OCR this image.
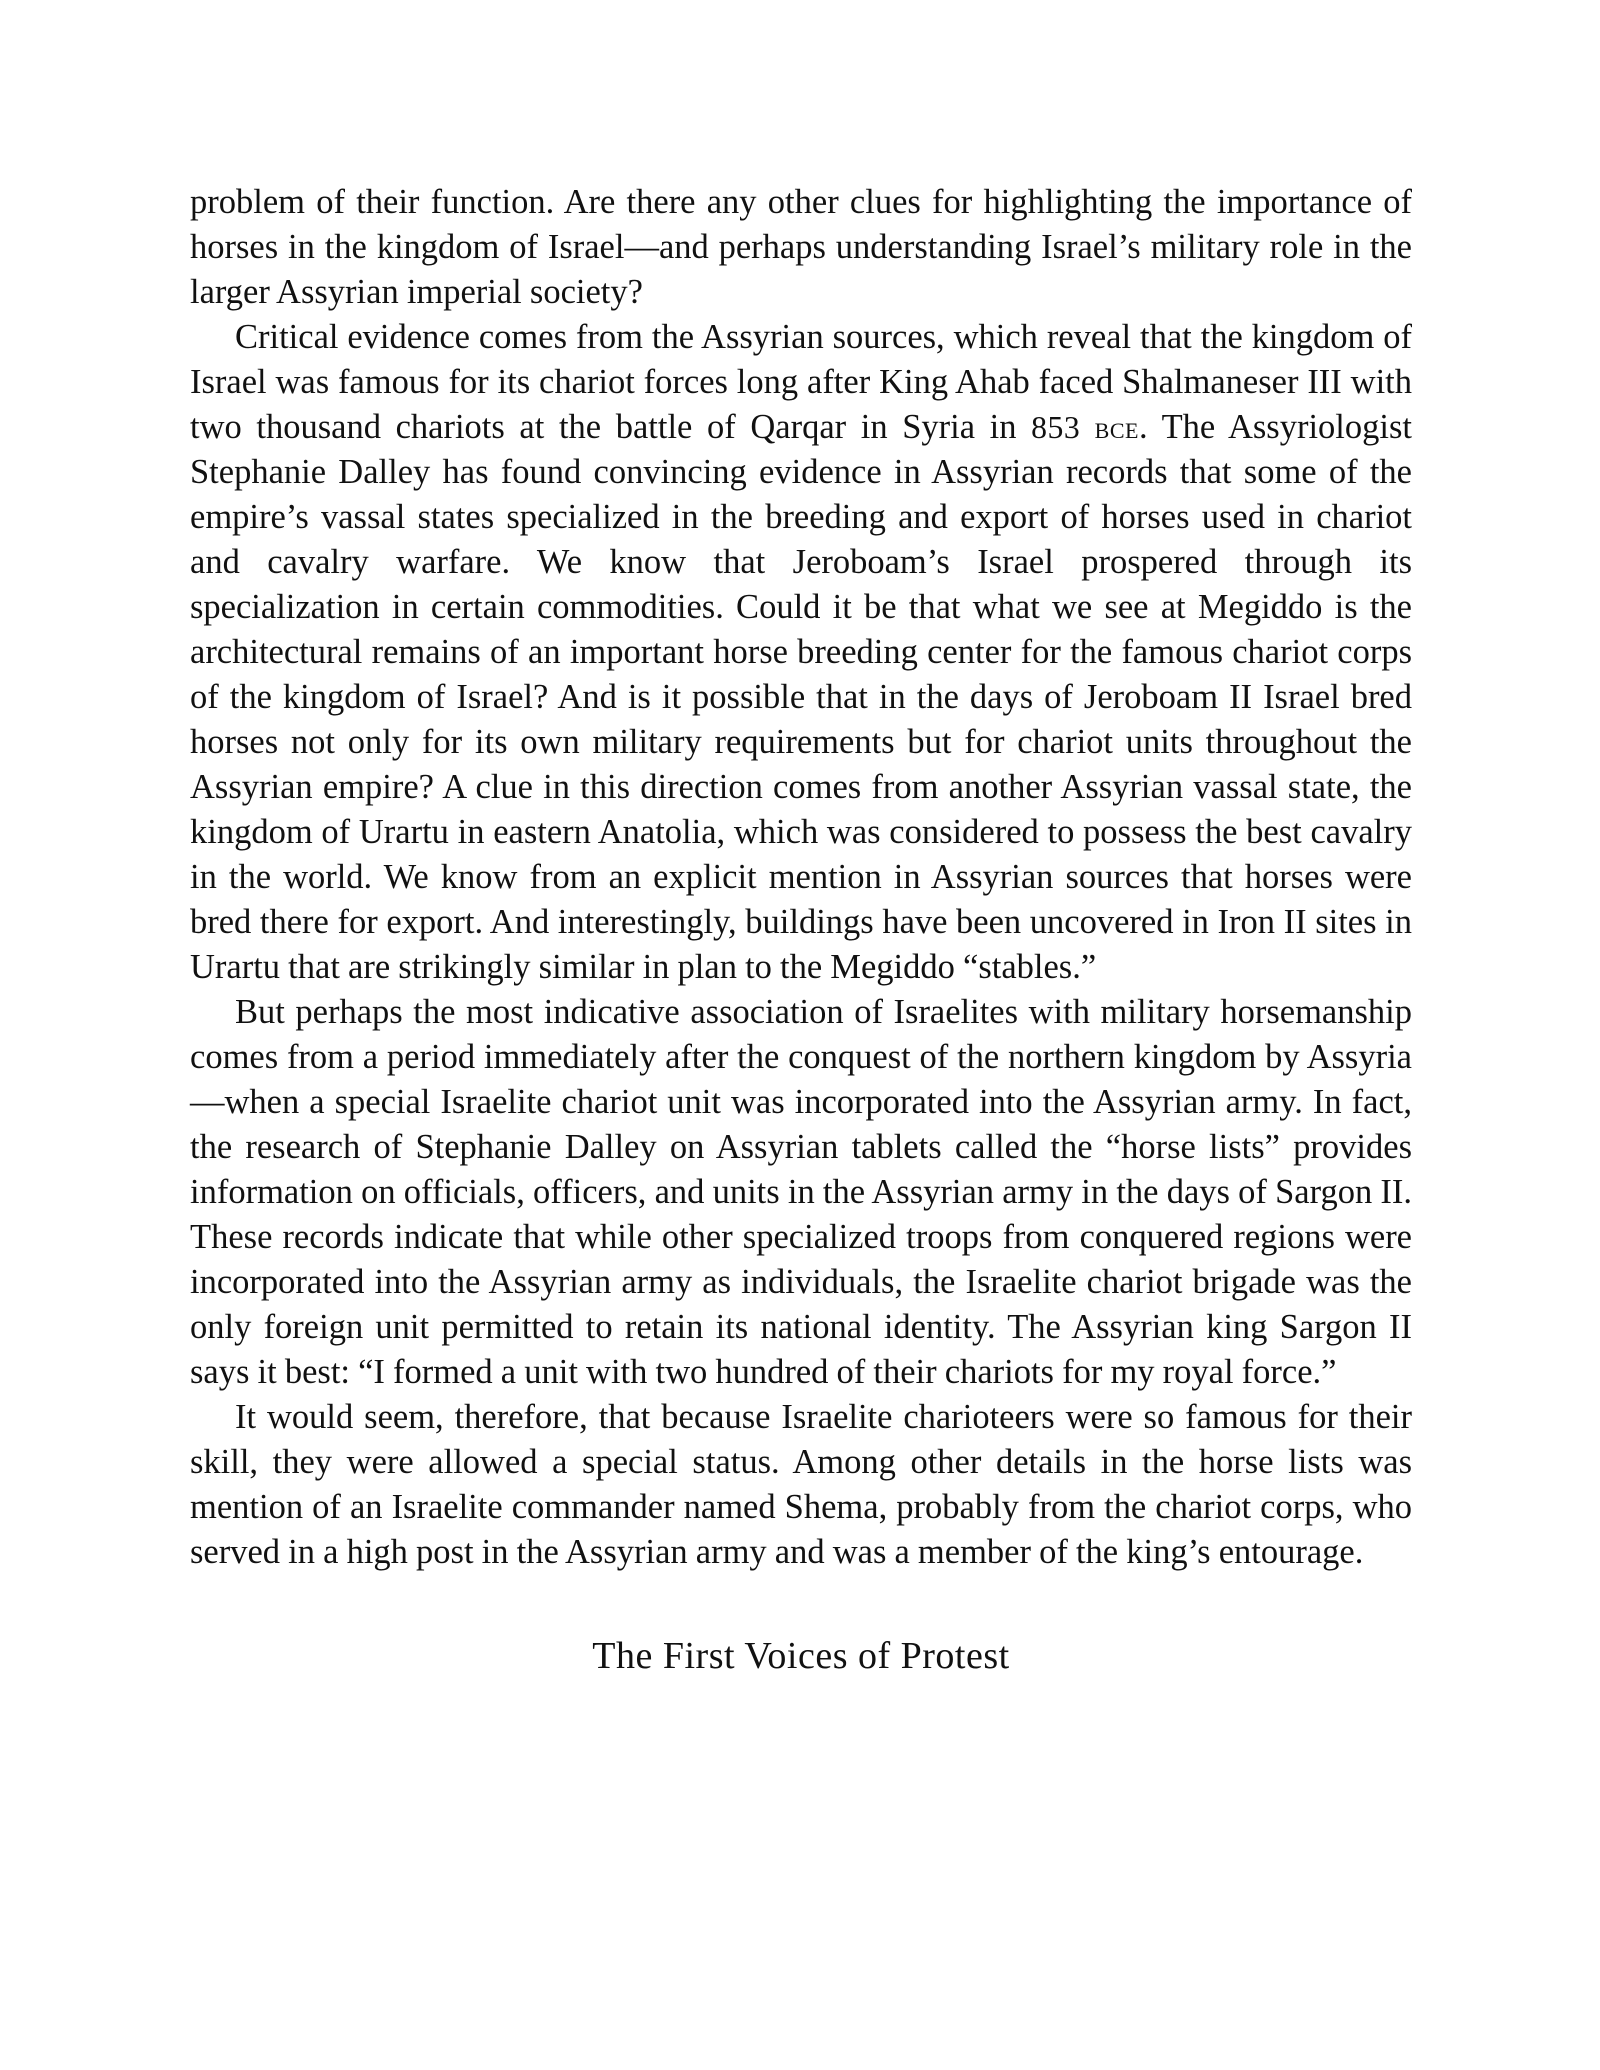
problem of their function. Are there any other clues for highlighting the importance of horses in the kingdom of Israel—and perhaps understanding Israel’s military role in the larger Assyrian imperial society?

Critical evidence comes from the Assyrian sources, which reveal that the kingdom of Israel was famous for its chariot forces long after King Ahab faced Shalmaneser III with two thousand chariots at the battle of Qarqar in Syria in 853 bce. The Assyriologist Stephanie Dalley has found convincing evidence in Assyrian records that some of the empire’s vassal states specialized in the breeding and export of horses used in chariot and cavalry warfare. We know that Jeroboam’s Israel prospered through its specialization in certain commodities. Could it be that what we see at Megiddo is the architectural remains of an important horse breeding center for the famous chariot corps of the kingdom of Israel? And is it possible that in the days of Jeroboam II Israel bred horses not only for its own military requirements but for chariot units throughout the Assyrian empire? A clue in this direction comes from another Assyrian vassal state, the kingdom of Urartu in eastern Anatolia, which was considered to possess the best cavalry in the world. We know from an explicit mention in Assyrian sources that horses were bred there for export. And interestingly, buildings have been uncovered in Iron II sites in Urartu that are strikingly similar in plan to the Megiddo “stables.”

But perhaps the most indicative association of Israelites with military horsemanship comes from a period immediately after the conquest of the northern kingdom by Assyria—when a special Israelite chariot unit was incorporated into the Assyrian army. In fact, the research of Stephanie Dalley on Assyrian tablets called the “horse lists” provides information on officials, officers, and units in the Assyrian army in the days of Sargon II. These records indicate that while other specialized troops from conquered regions were incorporated into the Assyrian army as individuals, the Israelite chariot brigade was the only foreign unit permitted to retain its national identity. The Assyrian king Sargon II says it best: “I formed a unit with two hundred of their chariots for my royal force.”

It would seem, therefore, that because Israelite charioteers were so famous for their skill, they were allowed a special status. Among other details in the horse lists was mention of an Israelite commander named Shema, probably from the chariot corps, who served in a high post in the Assyrian army and was a member of the king’s entourage.

The First Voices of Protest
